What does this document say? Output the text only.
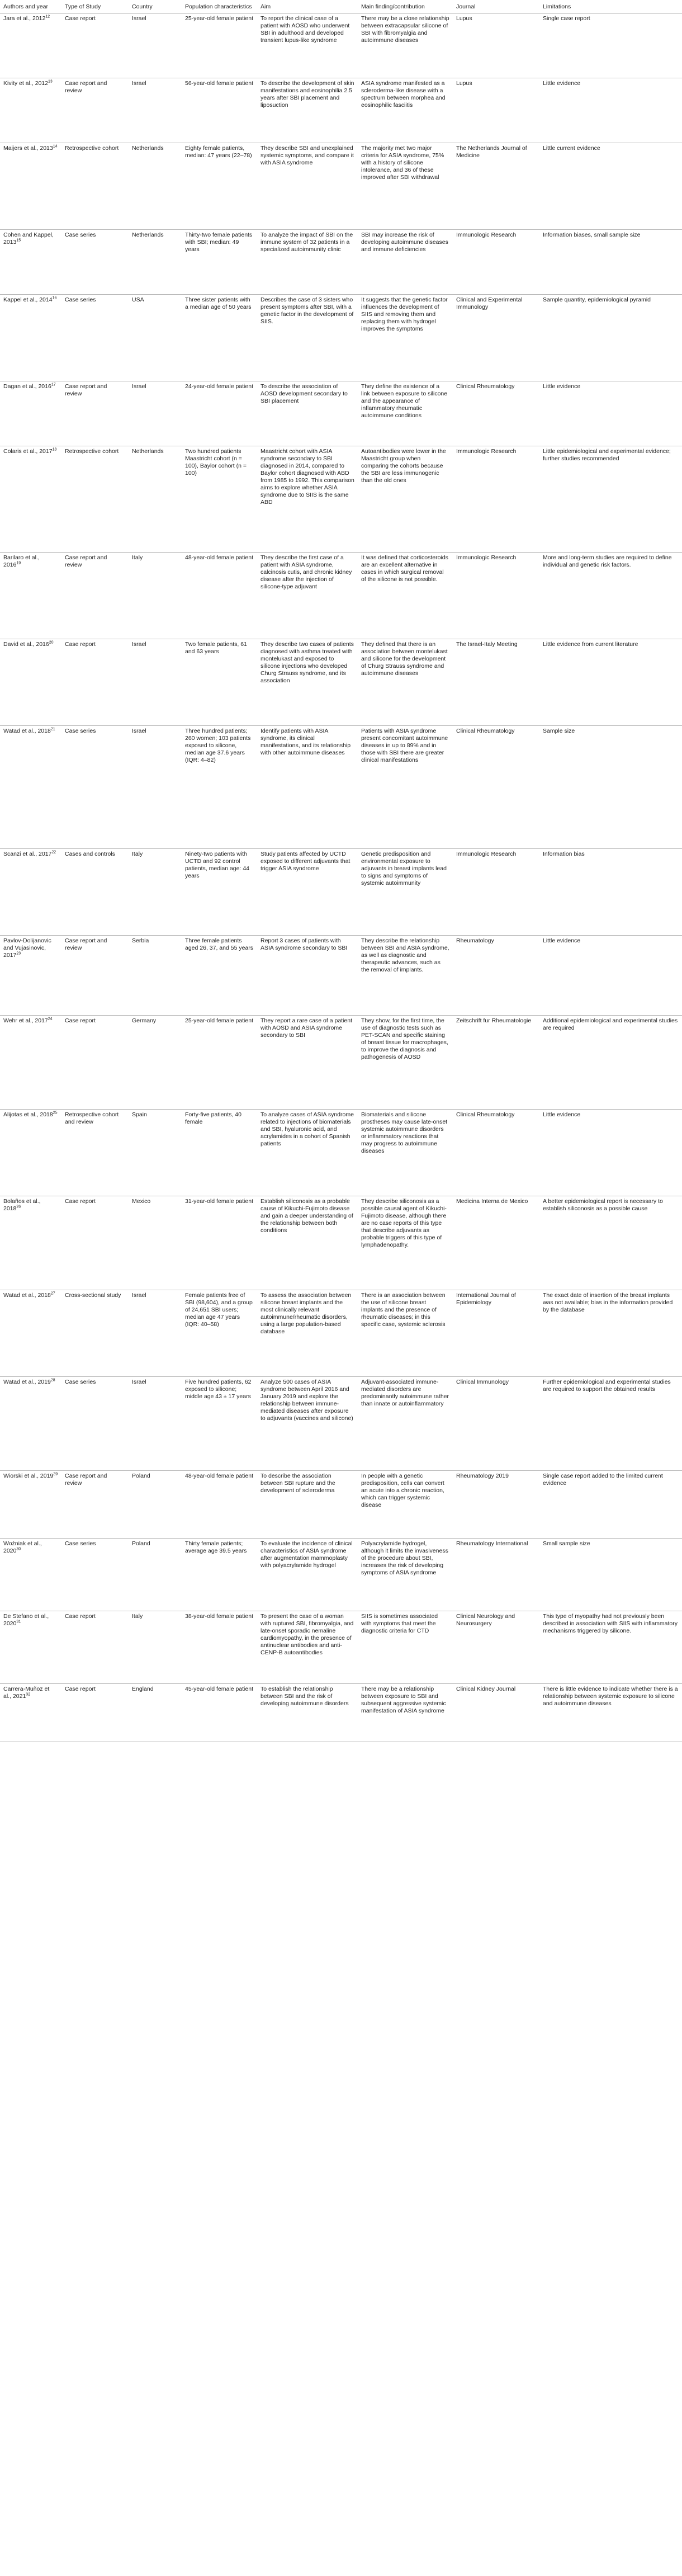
Authors and year	Type of Study	Country	Population characteristics	Aim	Main finding/contribution	Journal	Limitations
Jara et al., 2012$^{12}$	Case report	Israel	25-year-old female patient	To report the clinical case of a patient with AOSD who underwent SBI in adulthood and developed transient lupus-like syndrome	There may be a close relationship between extracapsular silicone of SBI with fibromyalgia and autoimmune diseases	Lupus	Single case report
Kivity et al., 2012$^{13}$	Case report and review	Israel	56-year-old female patient	To describe the development of skin manifestations and eosinophilia 2.5 years after SBI placement and liposuction	ASIA syndrome manifested as a scleroderma-like disease with a spectrum between morphea and eosinophilic fasciitis	Lupus	Little evidence
Maijers et al., 2013$^{14}$	Retrospective cohort	Netherlands	Eighty female patients, median: 47 years (22–78)	They describe SBI and unexplained systemic symptoms, and compare it with ASIA syndrome	The majority met two major criteria for ASIA syndrome, 75% with a history of silicone intolerance, and 36 of these improved after SBI withdrawal	The Netherlands Journal of Medicine	Little current evidence
Cohen and Kappel, 2013$^{15}$	Case series	Netherlands	Thirty-two female patients with SBI; median: 49 years	To analyze the impact of SBI on the immune system of 32 patients in a specialized autoimmunity clinic	SBI may increase the risk of developing autoimmune diseases and immune deficiencies	Immunologic Research	Information biases, small sample size
Kappel et al., 2014$^{16}$	Case series	USA	Three sister patients with a median age of 50 years	Describes the case of 3 sisters who present symptoms after SBI, with a genetic factor in the development of SIIS.	It suggests that the genetic factor influences the development of SIIS and removing them and replacing them with hydrogel improves the symptoms	Clinical and Experimental Immunology	Sample quantity, epidemiological pyramid
Dagan et al., 2016$^{17}$	Case report and review	Israel	24-year-old female patient	To describe the association of AOSD development secondary to SBI placement	They define the existence of a link between exposure to silicone and the appearance of inflammatory rheumatic autoimmune conditions	Clinical Rheumatology	Little evidence
Colaris et al., 2017$^{18}$	Retrospective cohort	Netherlands	Two hundred patients Maastricht cohort (n = 100), Baylor cohort (n = 100)	Maastricht cohort with ASIA syndrome secondary to SBI diagnosed in 2014, compared to Baylor cohort diagnosed with ABD from 1985 to 1992. This comparison aims to explore whether ASIA syndrome due to SIIS is the same ABD	Autoantibodies were lower in the Maastricht group when comparing the cohorts because the SBI are less immunogenic than the old ones	Immunologic Research	Little epidemiological and experimental evidence; further studies recommended
Barilaro et al., 2016$^{19}$	Case report and review	Italy	48-year-old female patient	They describe the first case of a patient with ASIA syndrome, calcinosis cutis, and chronic kidney disease after the injection of silicone-type adjuvant	It was defined that corticosteroids are an excellent alternative in cases in which surgical removal of the silicone is not possible.	Immunologic Research	More and long-term studies are required to define individual and genetic risk factors.
David et al., 2016$^{20}$	Case report	Israel	Two female patients, 61 and 63 years	They describe two cases of patients diagnosed with asthma treated with montelukast and exposed to silicone injections who developed Churg Strauss syndrome, and its association	They defined that there is an association between montelukast and silicone for the development of Churg Strauss syndrome and autoimmune diseases	The Israel-Italy Meeting	Little evidence from current literature
Watad et al., 2018$^{21}$	Case series	Israel	Three hundred patients; 260 women; 103 patients exposed to silicone, median age 37.6 years (IQR: 4–82)	Identify patients with ASIA syndrome, its clinical manifestations, and its relationship with other autoimmune diseases	Patients with ASIA syndrome present concomitant autoimmune diseases in up to 89% and in those with SBI there are greater clinical manifestations	Clinical Rheumatology	Sample size
Scanzi et al., 2017$^{22}$	Cases and controls	Italy	Ninety-two patients with UCTD and 92 control patients, median age: 44 years	Study patients affected by UCTD exposed to different adjuvants that trigger ASIA syndrome	Genetic predisposition and environmental exposure to adjuvants in breast implants lead to signs and symptoms of systemic autoimmunity	Immunologic Research	Information bias
Pavlov-Dolijanovic and Vujasinovic, 2017$^{23}$	Case report and review	Serbia	Three female patients aged 26, 37, and 55 years	Report 3 cases of patients with ASIA syndrome secondary to SBI	They describe the relationship between SBI and ASIA syndrome, as well as diagnostic and therapeutic advances, such as the removal of implants.	Rheumatology	Little evidence
Wehr et al., 2017$^{24}$	Case report	Germany	25-year-old female patient	They report a rare case of a patient with AOSD and ASIA syndrome secondary to SBI	They show, for the first time, the use of diagnostic tests such as PET-SCAN and specific staining of breast tissue for macrophages, to improve the diagnosis and pathogenesis of AOSD	Zeitschrift fur Rheumatologie	Additional epidemiological and experimental studies are required
Alijotas et al., 2018$^{25}$	Retrospective cohort and review	Spain	Forty-five patients, 40 female	To analyze cases of ASIA syndrome related to injections of biomaterials and SBI, hyaluronic acid, and acrylamides in a cohort of Spanish patients	Biomaterials and silicone prostheses may cause late-onset systemic autoimmune disorders or inflammatory reactions that may progress to autoimmune diseases	Clinical Rheumatology	Little evidence
Bolaños et al., 2018$^{26}$	Case report	Mexico	31-year-old female patient	Establish siliconosis as a probable cause of Kikuchi-Fujimoto disease and gain a deeper understanding of the relationship between both conditions	They describe siliconosis as a possible causal agent of Kikuchi-Fujimoto disease, although there are no case reports of this type that describe adjuvants as probable triggers of this type of lymphadenopathy.	Medicina Interna de Mexico	A better epidemiological report is necessary to establish siliconosis as a possible cause
Watad et al., 2018$^{27}$	Cross-sectional study	Israel	Female patients free of SBI (98,604), and a group of 24,651 SBI users; median age 47 years (IQR: 40–58)	To assess the association between silicone breast implants and the most clinically relevant autoimmune/rheumatic disorders, using a large population-based database	There is an association between the use of silicone breast implants and the presence of rheumatic diseases; in this specific case, systemic sclerosis	International Journal of Epidemiology	The exact date of insertion of the breast implants was not available; bias in the information provided by the database
Watad et al., 2019$^{28}$	Case series	Israel	Five hundred patients, 62 exposed to silicone; middle age 43 ± 17 years	Analyze 500 cases of ASIA syndrome between April 2016 and January 2019 and explore the relationship between immune-mediated diseases after exposure to adjuvants (vaccines and silicone)	Adjuvant-associated immune-mediated disorders are predominantly autoimmune rather than innate or autoinflammatory	Clinical Immunology	Further epidemiological and experimental studies are required to support the obtained results
Wiorski et al., 2019$^{29}$	Case report and review	Poland	48-year-old female patient	To describe the association between SBI rupture and the development of scleroderma	In people with a genetic predisposition, cells can convert an acute into a chronic reaction, which can trigger systemic disease	Rheumatology 2019	Single case report added to the limited current evidence
Woźniak et al., 2020$^{30}$	Case series	Poland	Thirty female patients; average age 39.5 years	To evaluate the incidence of clinical characteristics of ASIA syndrome after augmentation mammoplasty with polyacrylamide hydrogel	Polyacrylamide hydrogel, although it limits the invasiveness of the procedure about SBI, increases the risk of developing symptoms of ASIA syndrome	Rheumatology International	Small sample size
De Stefano et al., 2020$^{31}$	Case report	Italy	38-year-old female patient	To present the case of a woman with ruptured SBI, fibromyalgia, and late-onset sporadic nemaline cardiomyopathy, in the presence of antinuclear antibodies and anti-CENP-B autoantibodies	SIIS is sometimes associated with symptoms that meet the diagnostic criteria for CTD	Clinical Neurology and Neurosurgery	This type of myopathy had not previously been described in association with SIIS with inflammatory mechanisms triggered by silicone.
Carrera-Muñoz et al., 2021$^{32}$	Case report	England	45-year-old female patient	To establish the relationship between SBI and the risk of developing autoimmune disorders	There may be a relationship between exposure to SBI and subsequent aggressive systemic manifestation of ASIA syndrome	Clinical Kidney Journal	There is little evidence to indicate whether there is a relationship between systemic exposure to silicone and autoimmune diseases
